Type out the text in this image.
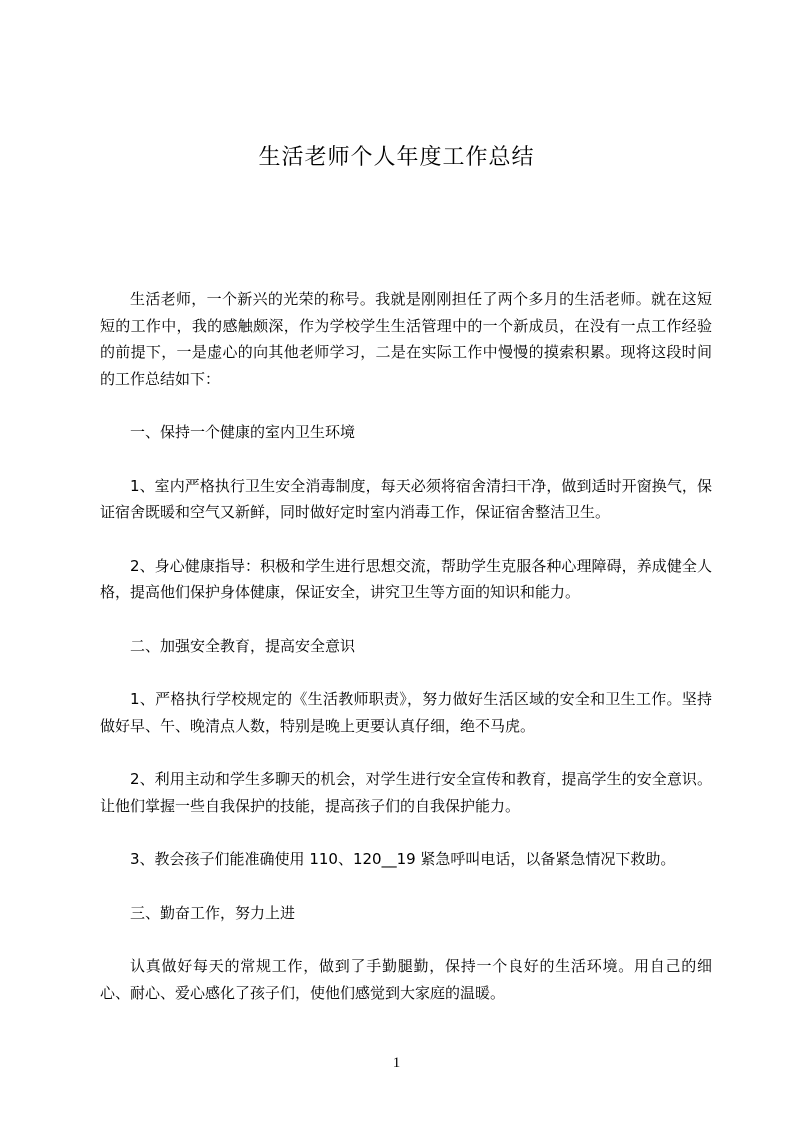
生活老师个人年度工作总结

生活老师，一个新兴的光荣的称号。我就是刚刚担任了两个多月的生活老师。就在这短短的工作中，我的感触颇深，作为学校学生生活管理中的一个新成员，在没有一点工作经验的前提下，一是虚心的向其他老师学习，二是在实际工作中慢慢的摸索积累。现将这段时间的工作总结如下：

一、保持一个健康的室内卫生环境

1、室内严格执行卫生安全消毒制度，每天必须将宿舍清扫干净，做到适时开窗换气，保证宿舍既暖和空气又新鲜，同时做好定时室内消毒工作，保证宿舍整洁卫生。

2、身心健康指导：积极和学生进行思想交流，帮助学生克服各种心理障碍，养成健全人格，提高他们保护身体健康，保证安全，讲究卫生等方面的知识和能力。

二、加强安全教育，提高安全意识

1、严格执行学校规定的《生活教师职责》，努力做好生活区域的安全和卫生工作。坚持做好早、午、晚清点人数，特别是晚上更要认真仔细，绝不马虎。

2、利用主动和学生多聊天的机会，对学生进行安全宣传和教育，提高学生的安全意识。让他们掌握一些自我保护的技能，提高孩子们的自我保护能力。

3、教会孩子们能准确使用 110、120__19 紧急呼叫电话，以备紧急情况下救助。

三、勤奋工作，努力上进

认真做好每天的常规工作，做到了手勤腿勤，保持一个良好的生活环境。用自己的细心、耐心、爱心感化了孩子们，使他们感觉到大家庭的温暖。

1
